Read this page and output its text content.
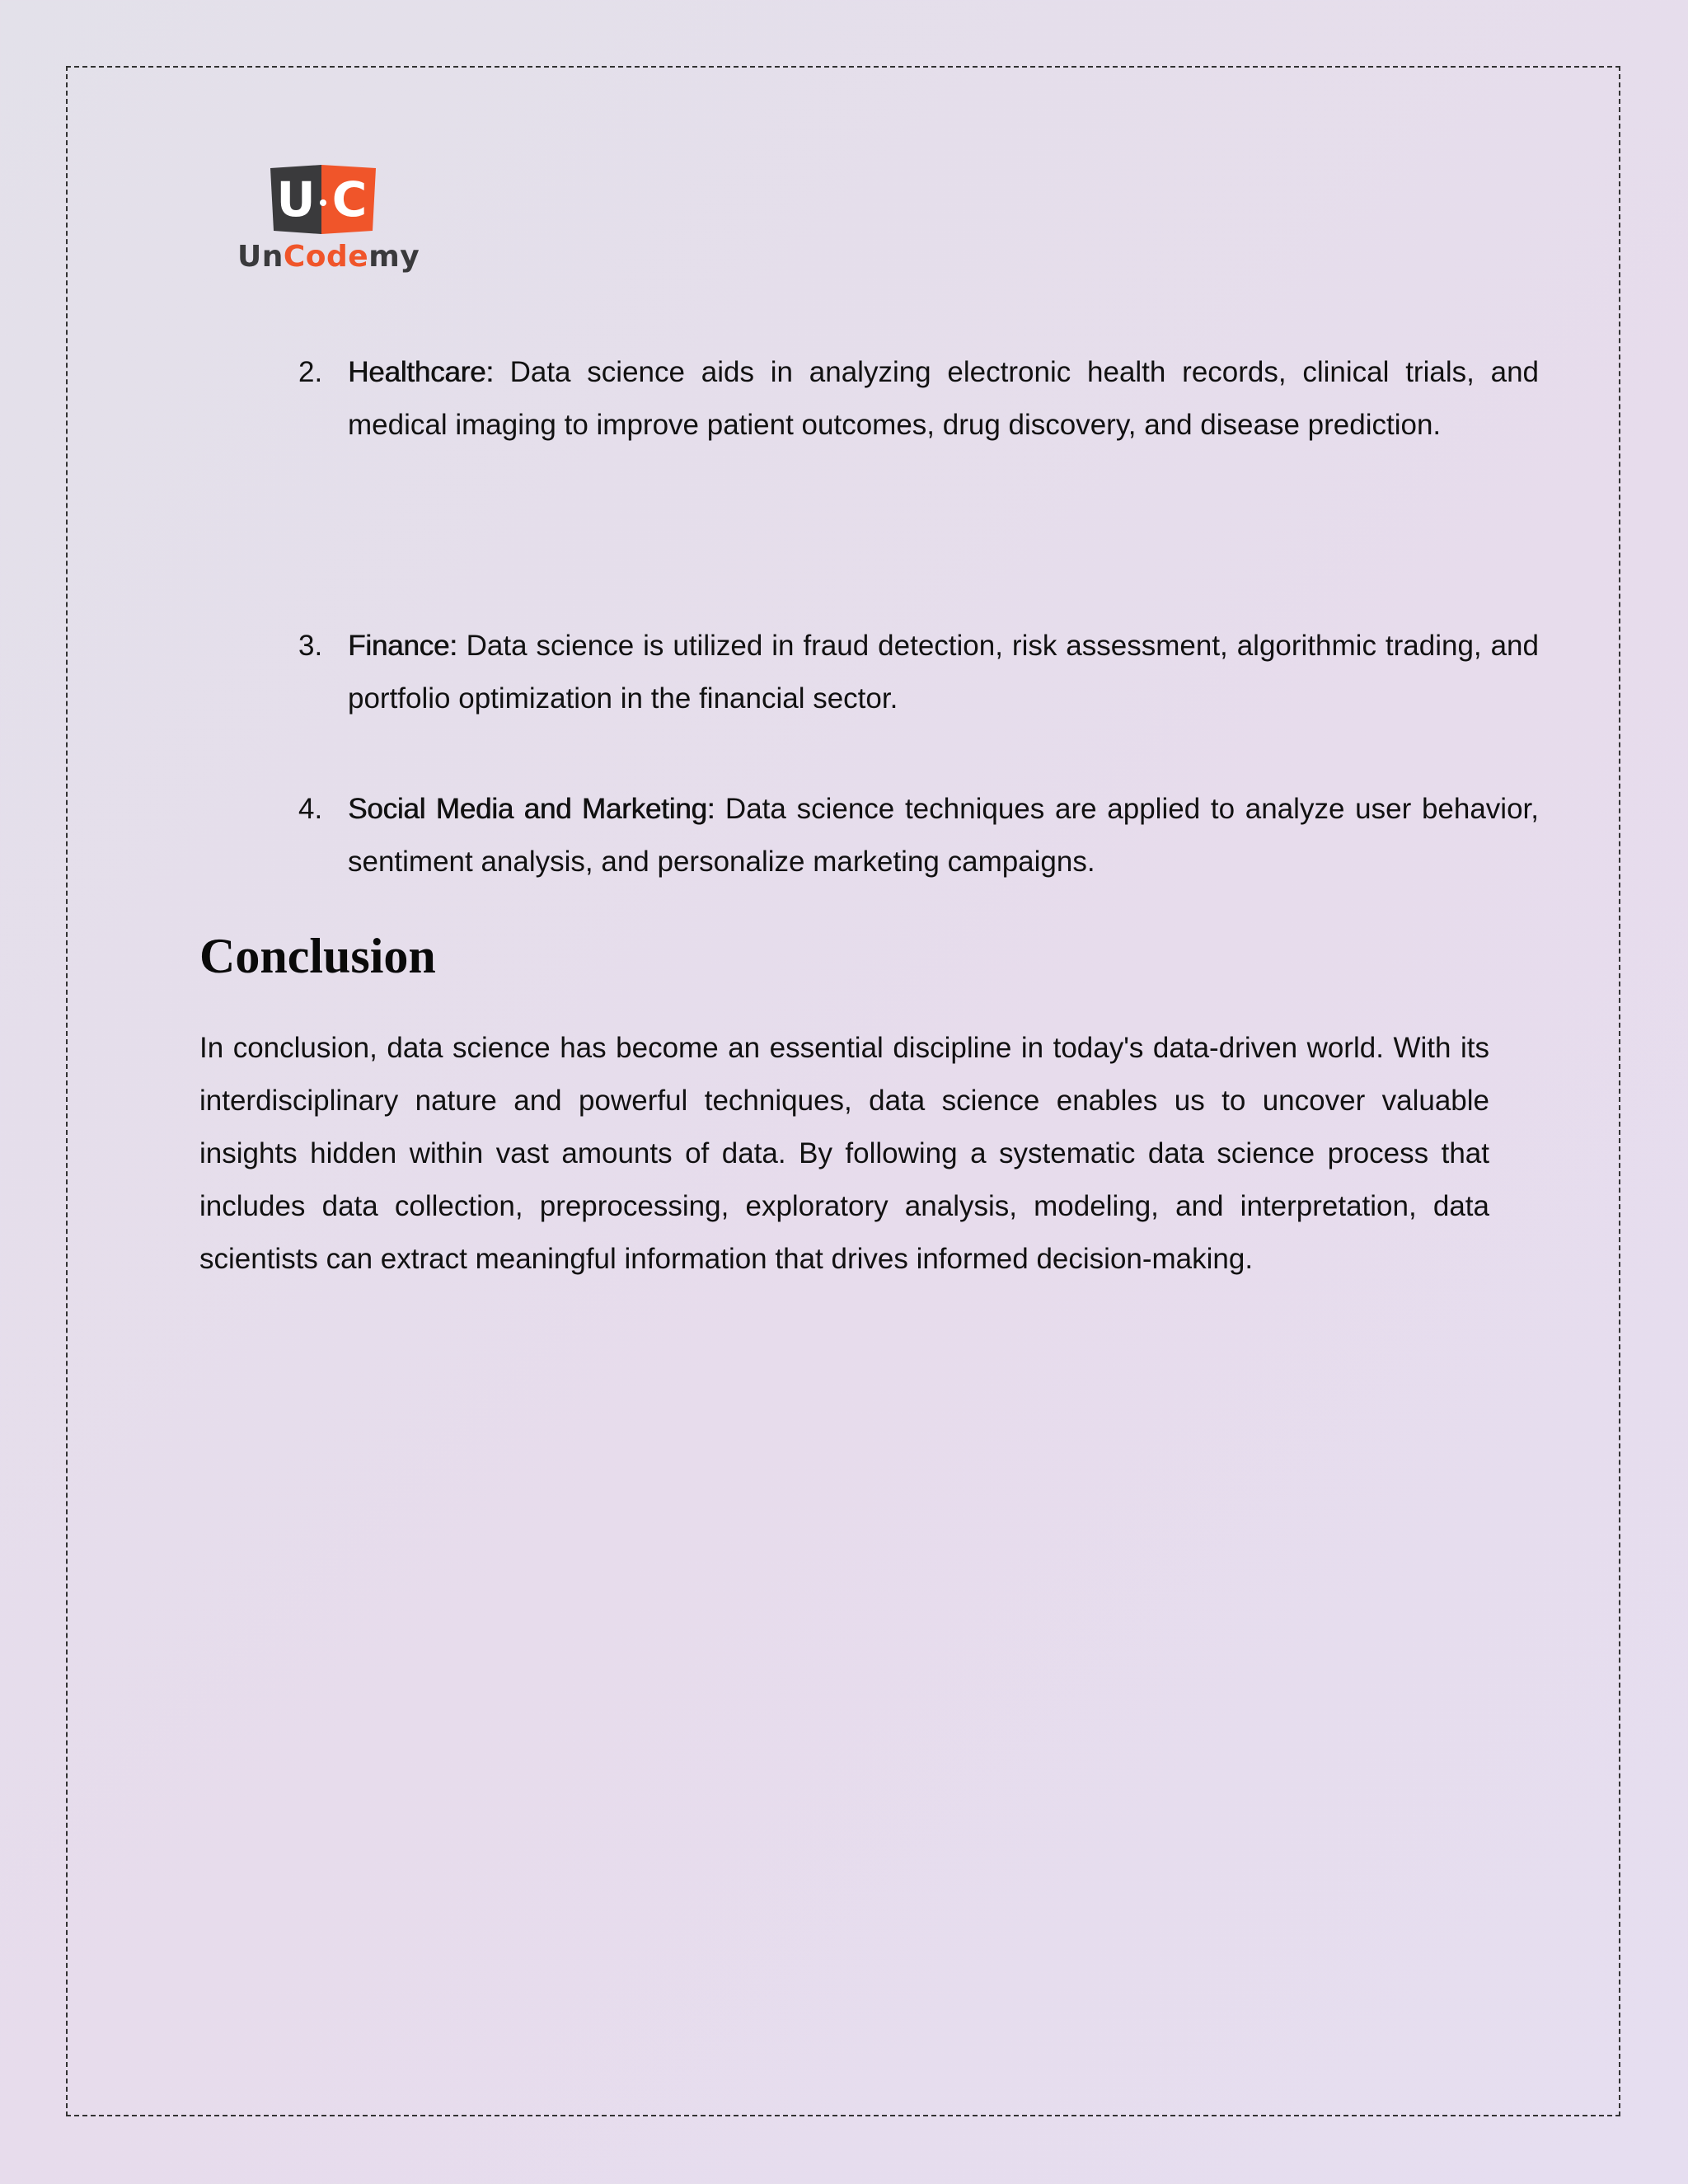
U C
UnCodemy
2. Healthcare: Data science aids in analyzing electronic health records, clinical trials, and medical imaging to improve patient outcomes, drug discovery, and disease prediction.

3. Finance: Data science is utilized in fraud detection, risk assessment, algorithmic trading, and portfolio optimization in the financial sector.

4. Social Media and Marketing: Data science techniques are applied to analyze user behavior, sentiment analysis, and personalize marketing campaigns.

Conclusion

In conclusion, data science has become an essential discipline in today's data-driven world. With its interdisciplinary nature and powerful techniques, data science enables us to uncover valuable insights hidden within vast amounts of data. By following a systematic data science process that includes data collection, preprocessing, exploratory analysis, modeling, and interpretation, data scientists can extract meaningful information that drives informed decision-making.
